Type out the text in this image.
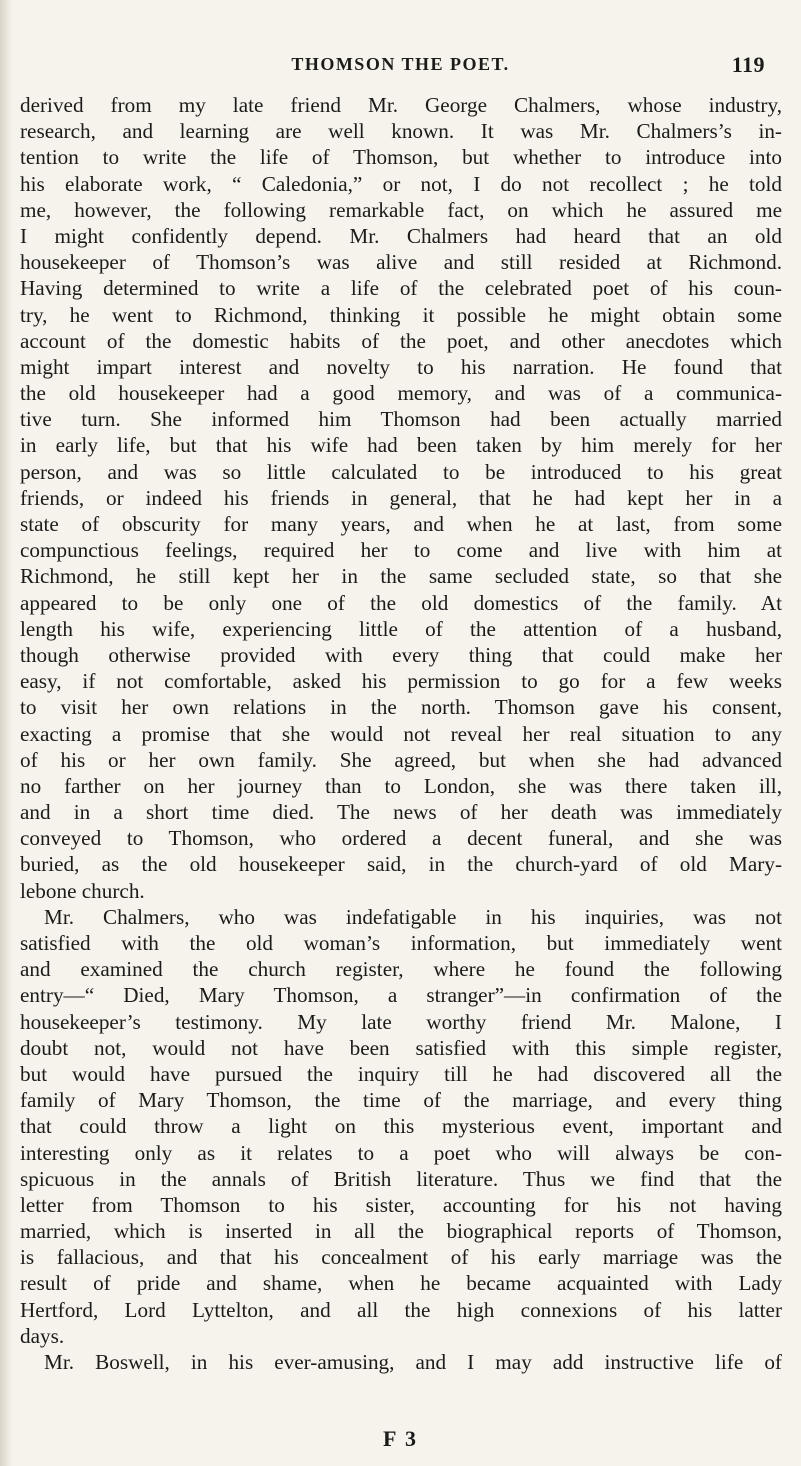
THOMSON THE POET.	119
derived from my late friend Mr. George Chalmers, whose industry,
research, and learning are well known. It was Mr. Chalmers’s in-
tention to write the life of Thomson, but whether to introduce into
his elaborate work, “ Caledonia,” or not, I do not recollect ; he told
me, however, the following remarkable fact, on which he assured me
I might confidently depend. Mr. Chalmers had heard that an old
housekeeper of Thomson’s was alive and still resided at Richmond.
Having determined to write a life of the celebrated poet of his coun-
try, he went to Richmond, thinking it possible he might obtain some
account of the domestic habits of the poet, and other anecdotes which
might impart interest and novelty to his narration. He found that
the old housekeeper had a good memory, and was of a communica-
tive turn. She informed him Thomson had been actually married
in early life, but that his wife had been taken by him merely for her
person, and was so little calculated to be introduced to his great
friends, or indeed his friends in general, that he had kept her in a
state of obscurity for many years, and when he at last, from some
compunctious feelings, required her to come and live with him at
Richmond, he still kept her in the same secluded state, so that she
appeared to be only one of the old domestics of the family. At
length his wife, experiencing little of the attention of a husband,
though otherwise provided with every thing that could make her
easy, if not comfortable, asked his permission to go for a few weeks
to visit her own relations in the north. Thomson gave his consent,
exacting a promise that she would not reveal her real situation to any
of his or her own family. She agreed, but when she had advanced
no farther on her journey than to London, she was there taken ill,
and in a short time died. The news of her death was immediately
conveyed to Thomson, who ordered a decent funeral, and she was
buried, as the old housekeeper said, in the church-yard of old Mary-
lebone church.
Mr. Chalmers, who was indefatigable in his inquiries, was not
satisfied with the old woman’s information, but immediately went
and examined the church register, where he found the following
entry—“ Died, Mary Thomson, a stranger”—in confirmation of the
housekeeper’s testimony. My late worthy friend Mr. Malone, I
doubt not, would not have been satisfied with this simple register,
but would have pursued the inquiry till he had discovered all the
family of Mary Thomson, the time of the marriage, and every thing
that could throw a light on this mysterious event, important and
interesting only as it relates to a poet who will always be con-
spicuous in the annals of British literature. Thus we find that the
letter from Thomson to his sister, accounting for his not having
married, which is inserted in all the biographical reports of Thomson,
is fallacious, and that his concealment of his early marriage was the
result of pride and shame, when he became acquainted with Lady
Hertford, Lord Lyttelton, and all the high connexions of his latter
days.
Mr. Boswell, in his ever-amusing, and I may add instructive life of
F 3
